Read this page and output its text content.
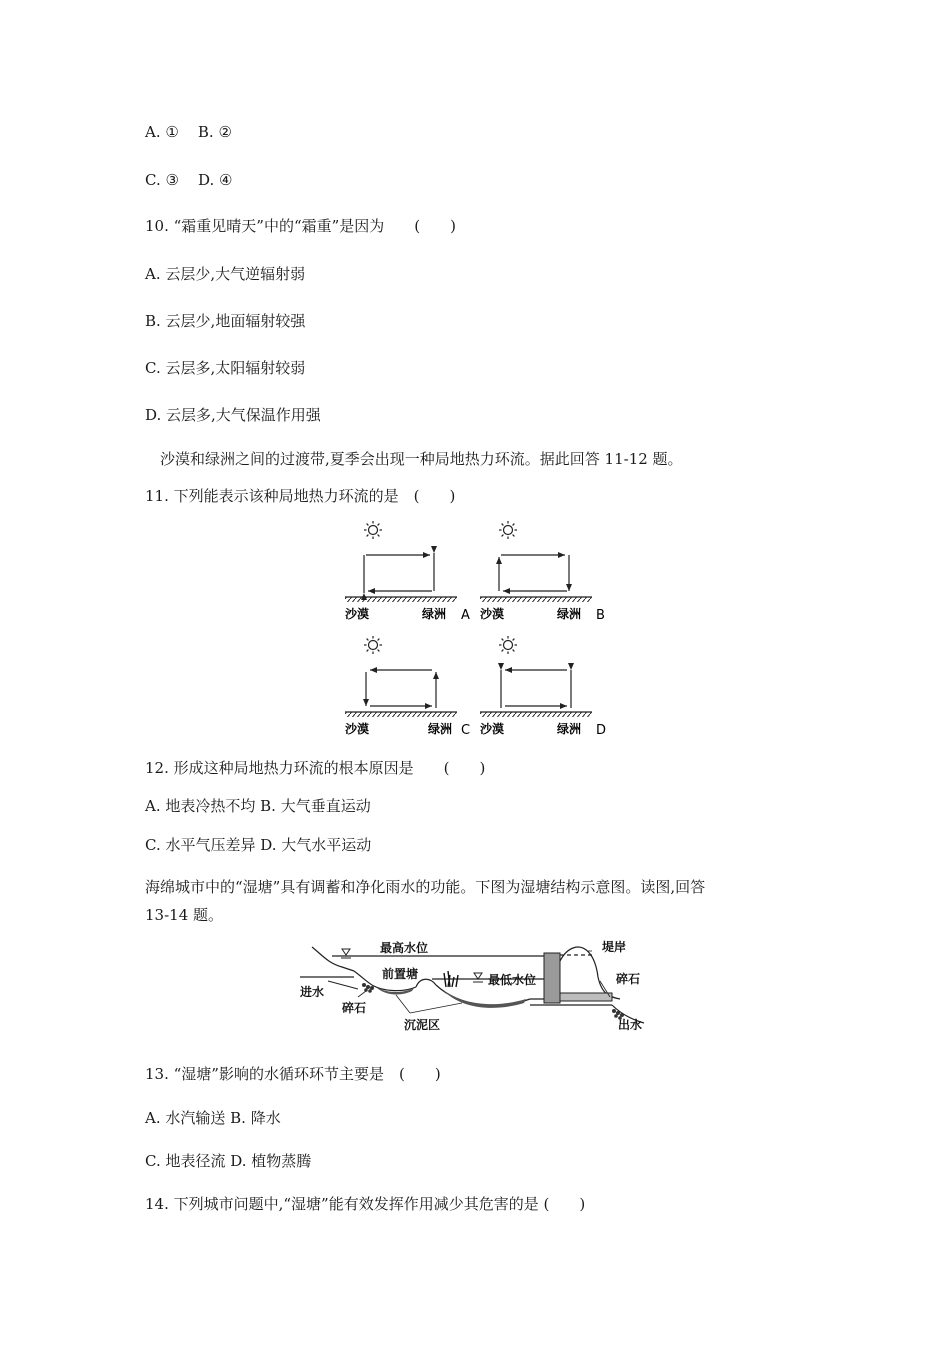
A. ①    B. ②
C. ③    D. ④
10. “霜重见晴天”中的“霜重”是因为　　(　　)
A. 云层少,大气逆辐射弱
B. 云层少,地面辐射较强
C. 云层多,太阳辐射较弱
D. 云层多,大气保温作用强
沙漠和绿洲之间的过渡带,夏季会出现一种局地热力环流。据此回答 11-12 题。
11. 下列能表示该种局地热力环流的是　(　　)
沙漠	绿洲 A 沙漠	绿洲 B
沙漠	绿洲 C 沙漠	绿洲 D
12. 形成这种局地热力环流的根本原因是　　(　　)
A. 地表冷热不均 B. 大气垂直运动
C. 水平气压差异 D. 大气水平运动
海绵城市中的“湿塘”具有调蓄和净化雨水的功能。下图为湿塘结构示意图。读图,回答
13-14 题。
最高水位	堤岸
碎石
进水
前置塘	最低水位
碎石
沉泥区	出水
13. “湿塘”影响的水循环环节主要是　(　　)
A. 水汽输送 B. 降水
C. 地表径流 D. 植物蒸腾
14. 下列城市问题中,“湿塘”能有效发挥作用减少其危害的是 (　　)
